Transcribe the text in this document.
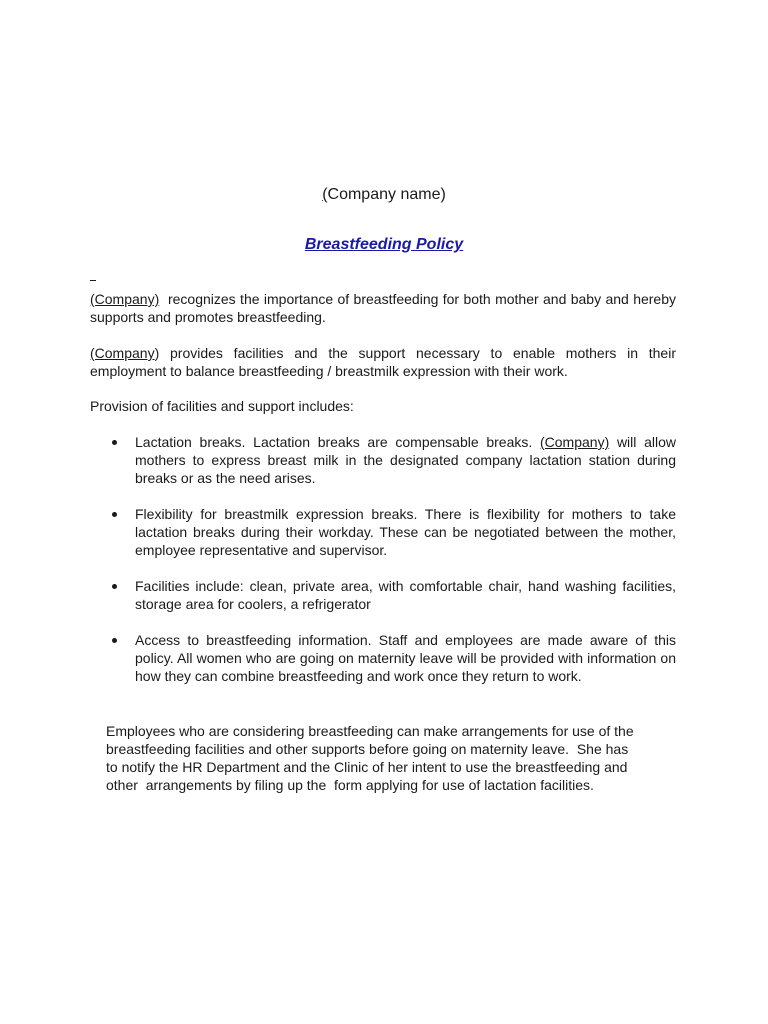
(Company name)
Breastfeeding Policy
(Company)  recognizes the importance of breastfeeding for both mother and baby and hereby supports and promotes breastfeeding.
(Company) provides facilities and the support necessary to enable mothers in their employment to balance breastfeeding / breastmilk expression with their work.
Provision of facilities and support includes:
Lactation breaks. Lactation breaks are compensable breaks. (Company) will allow mothers to express breast milk in the designated company lactation station during breaks or as the need arises.
Flexibility for breastmilk expression breaks. There is flexibility for mothers to take lactation breaks during their workday. These can be negotiated between the mother, employee representative and supervisor.
Facilities include: clean, private area, with comfortable chair, hand washing facilities, storage area for coolers, a refrigerator
Access to breastfeeding information. Staff and employees are made aware of this policy. All women who are going on maternity leave will be provided with information on how they can combine breastfeeding and work once they return to work.
Employees who are considering breastfeeding can make arrangements for use of the
breastfeeding facilities and other supports before going on maternity leave.  She has
to notify the HR Department and the Clinic of her intent to use the breastfeeding and
other  arrangements by filing up the  form applying for use of lactation facilities.
